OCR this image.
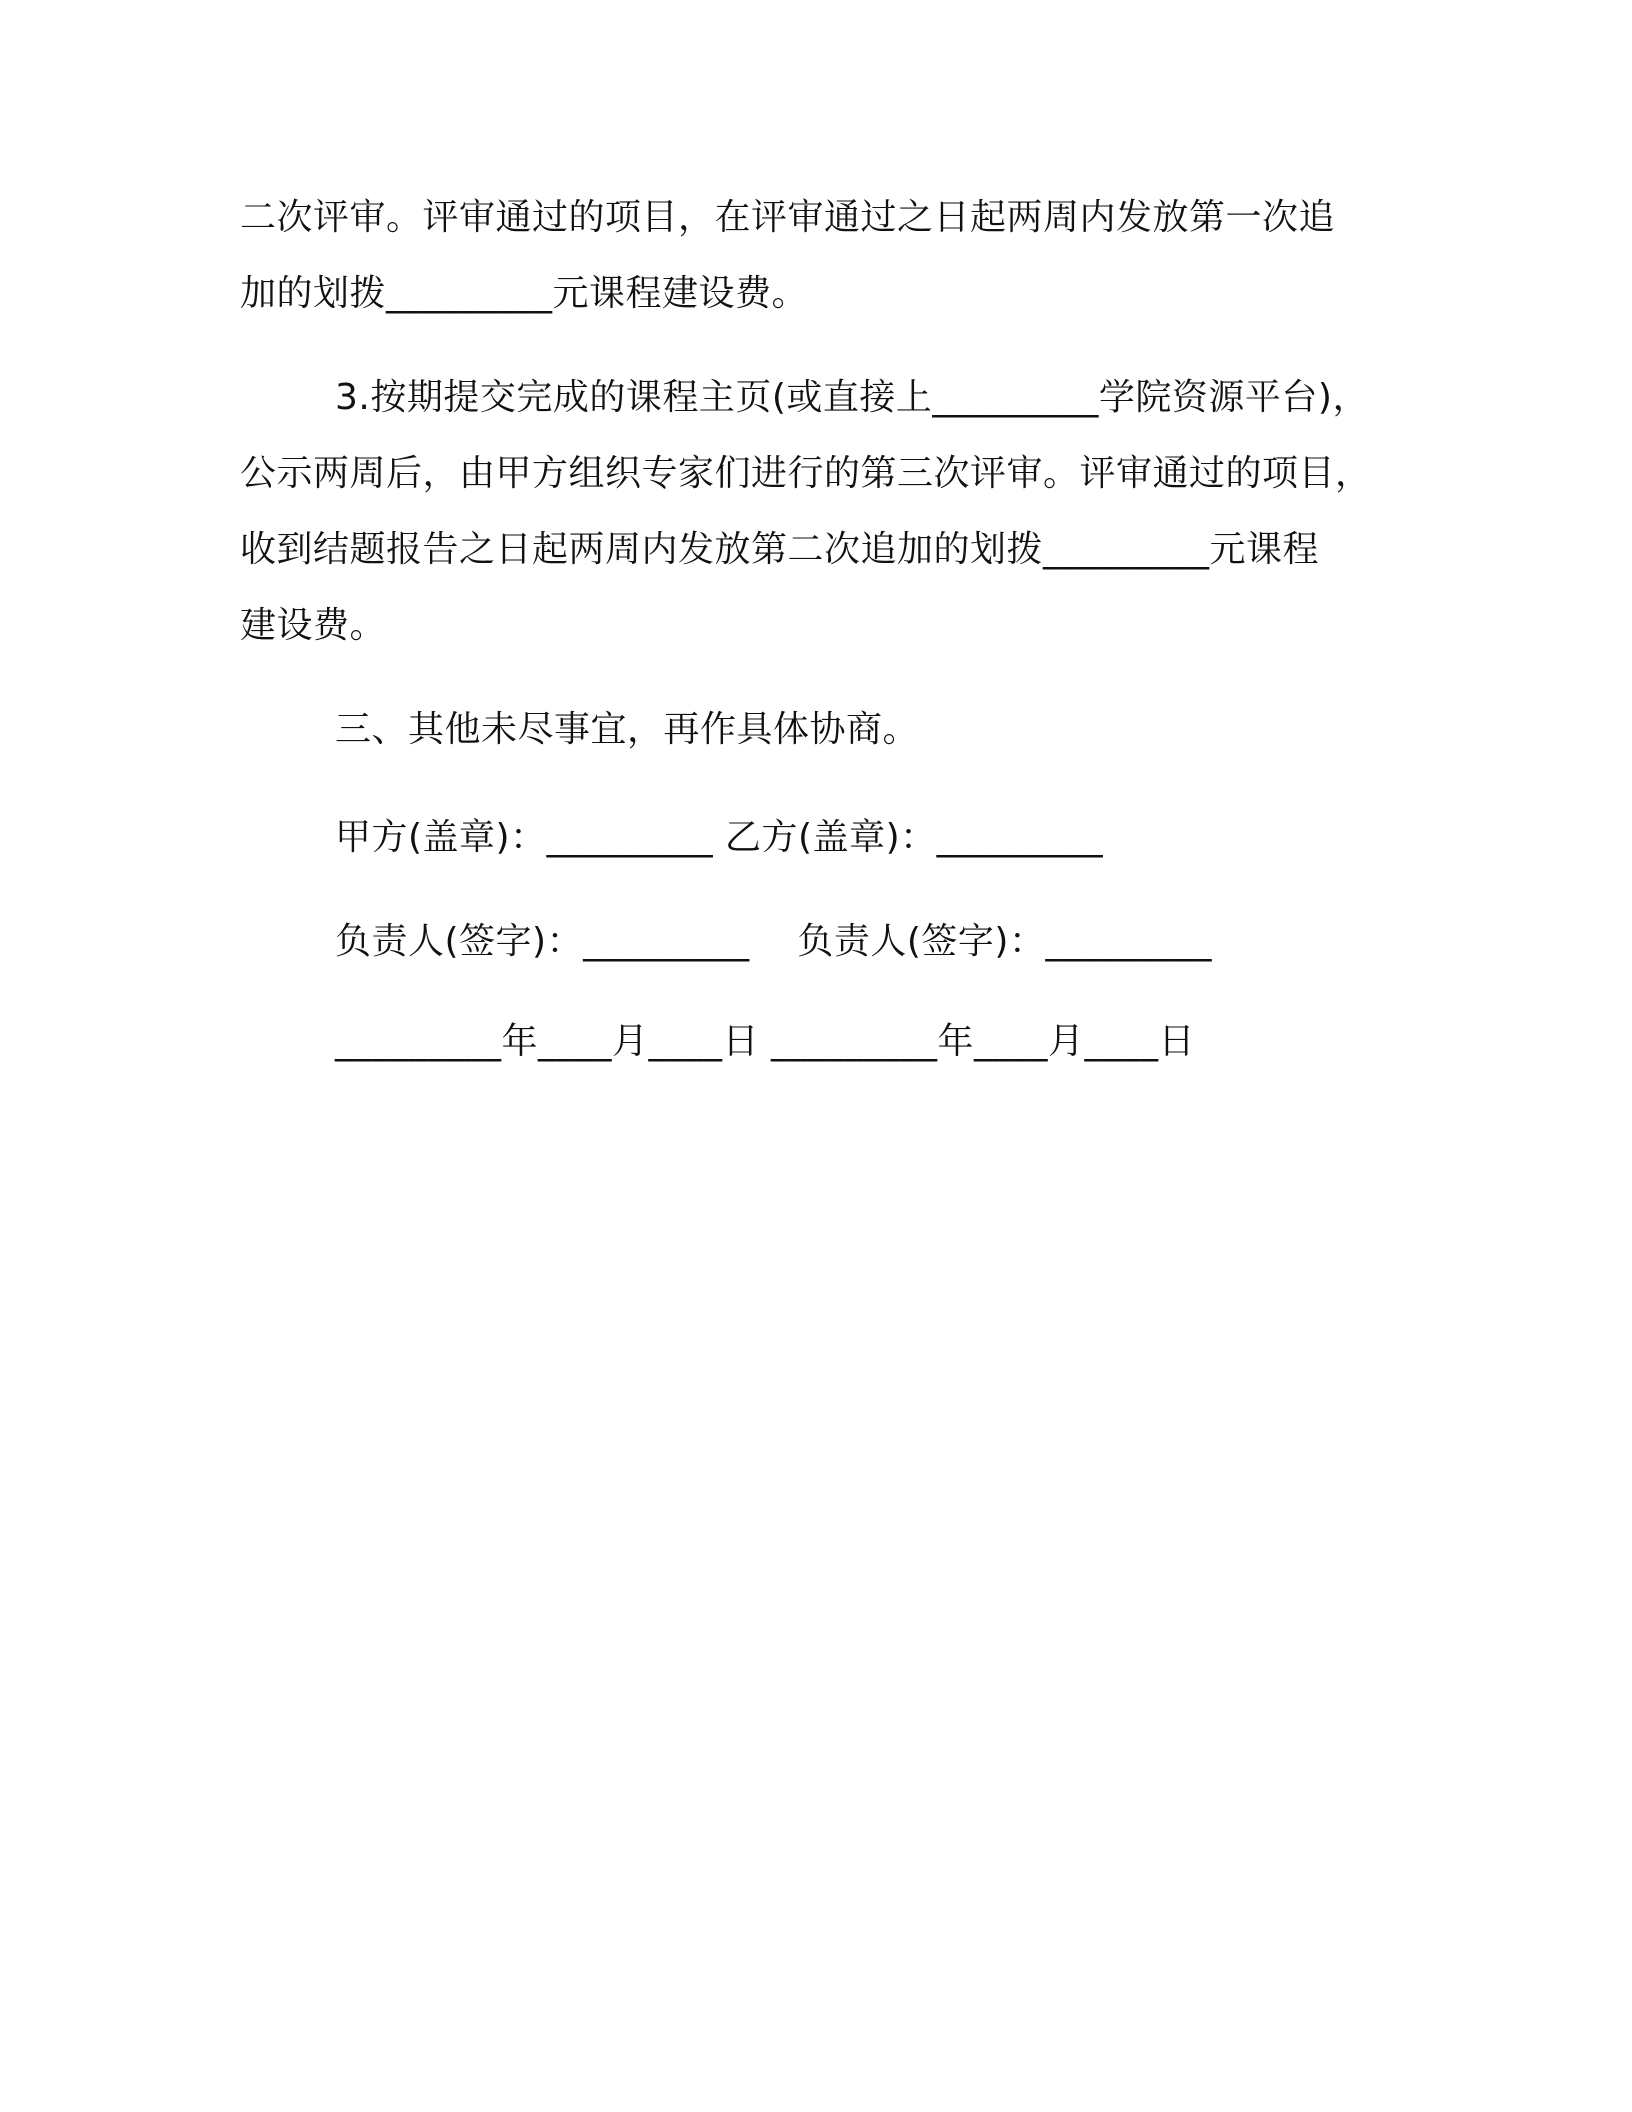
二次评审。评审通过的项目，在评审通过之日起两周内发放第一次追
加的划拨_________元课程建设费。
3.按期提交完成的课程主页(或直接上_________学院资源平台)，
公示两周后，由甲方组织专家们进行的第三次评审。评审通过的项目，
收到结题报告之日起两周内发放第二次追加的划拨_________元课程
建设费。
三、其他未尽事宜，再作具体协商。
甲方(盖章)：_________ 乙方(盖章)：_________
负责人(签字)：_________    负责人(签字)：_________
_________年____月____日 _________年____月____日
